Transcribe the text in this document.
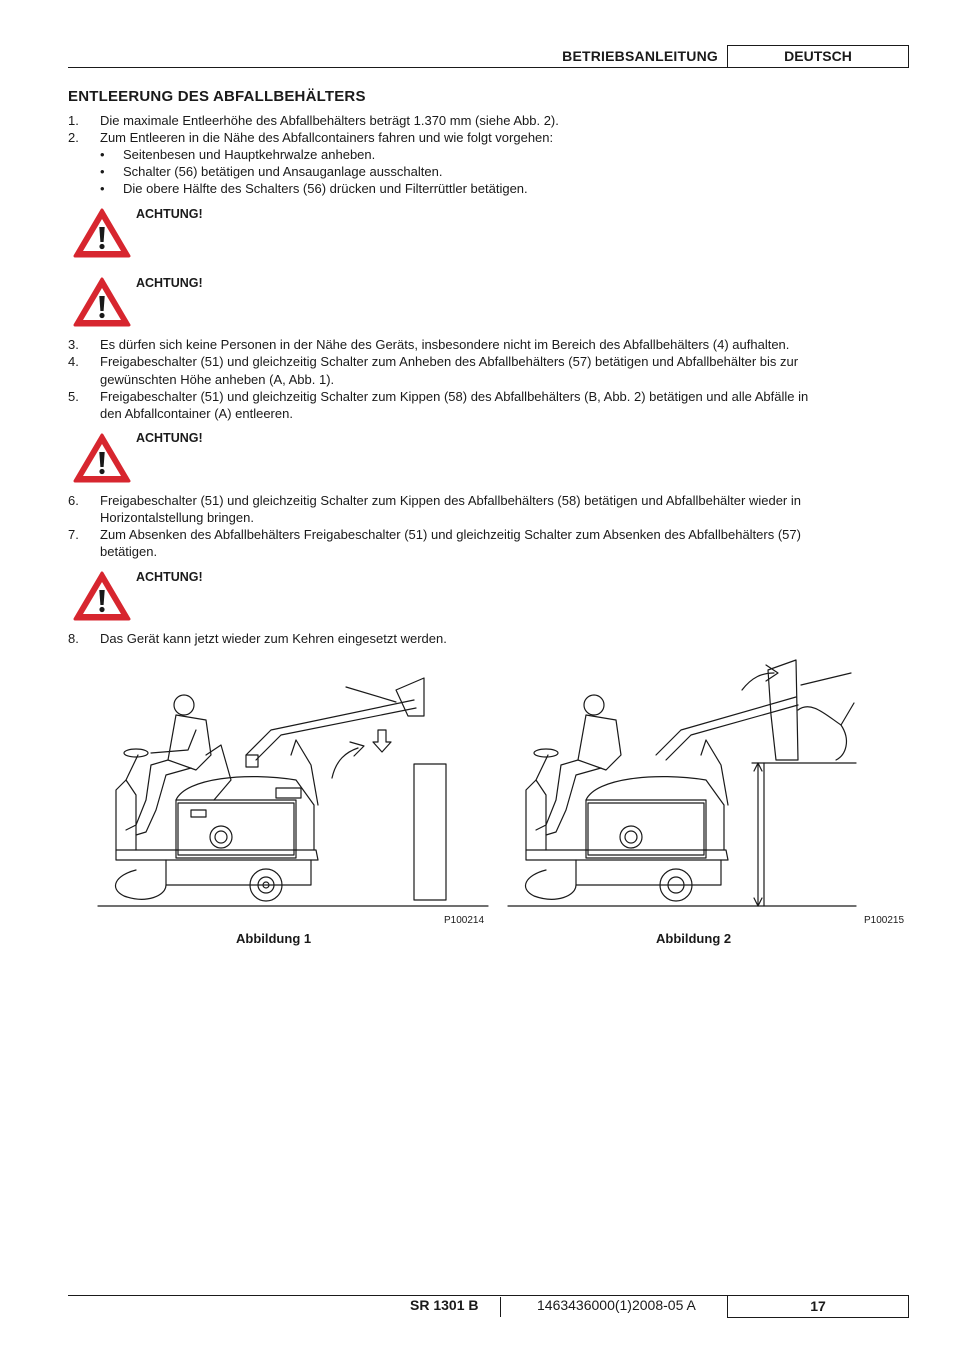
BETRIEBSANLEITUNG	DEUTSCH
ENTLEERUNG DES ABFALLBEHÄLTERS
1. Die maximale Entleerhöhe des Abfallbehälters beträgt 1.370 mm (siehe Abb. 2).
2. Zum Entleeren in die Nähe des Abfallcontainers fahren und wie folgt vorgehen:
• Seitenbesen und Hauptkehrwalze anheben.
• Schalter (56) betätigen und Ansauganlage ausschalten.
• Die obere Hälfte des Schalters (56) drücken und Filterrüttler betätigen.
ACHTUNG!
ACHTUNG!
3. Es dürfen sich keine Personen in der Nähe des Geräts, insbesondere nicht im Bereich des Abfallbehälters (4) aufhalten.
4. Freigabeschalter (51) und gleichzeitig Schalter zum Anheben des Abfallbehälters (57) betätigen und Abfallbehälter bis zur
gewünschten Höhe anheben (A, Abb. 1).
5. Freigabeschalter (51) und gleichzeitig Schalter zum Kippen (58) des Abfallbehälters (B, Abb. 2) betätigen und alle Abfälle in
den Abfallcontainer (A) entleeren.
ACHTUNG!
6. Freigabeschalter (51) und gleichzeitig Schalter zum Kippen des Abfallbehälters (58) betätigen und Abfallbehälter wieder in
Horizontalstellung bringen.
7. Zum Absenken des Abfallbehälters Freigabeschalter (51) und gleichzeitig Schalter zum Absenken des Abfallbehälters (57)
betätigen.
ACHTUNG!
8. Das Gerät kann jetzt wieder zum Kehren eingesetzt werden.
P100214
Abbildung 1
P100215
Abbildung 2
SR 1301 B	1463436000(1)2008-05 A	17
